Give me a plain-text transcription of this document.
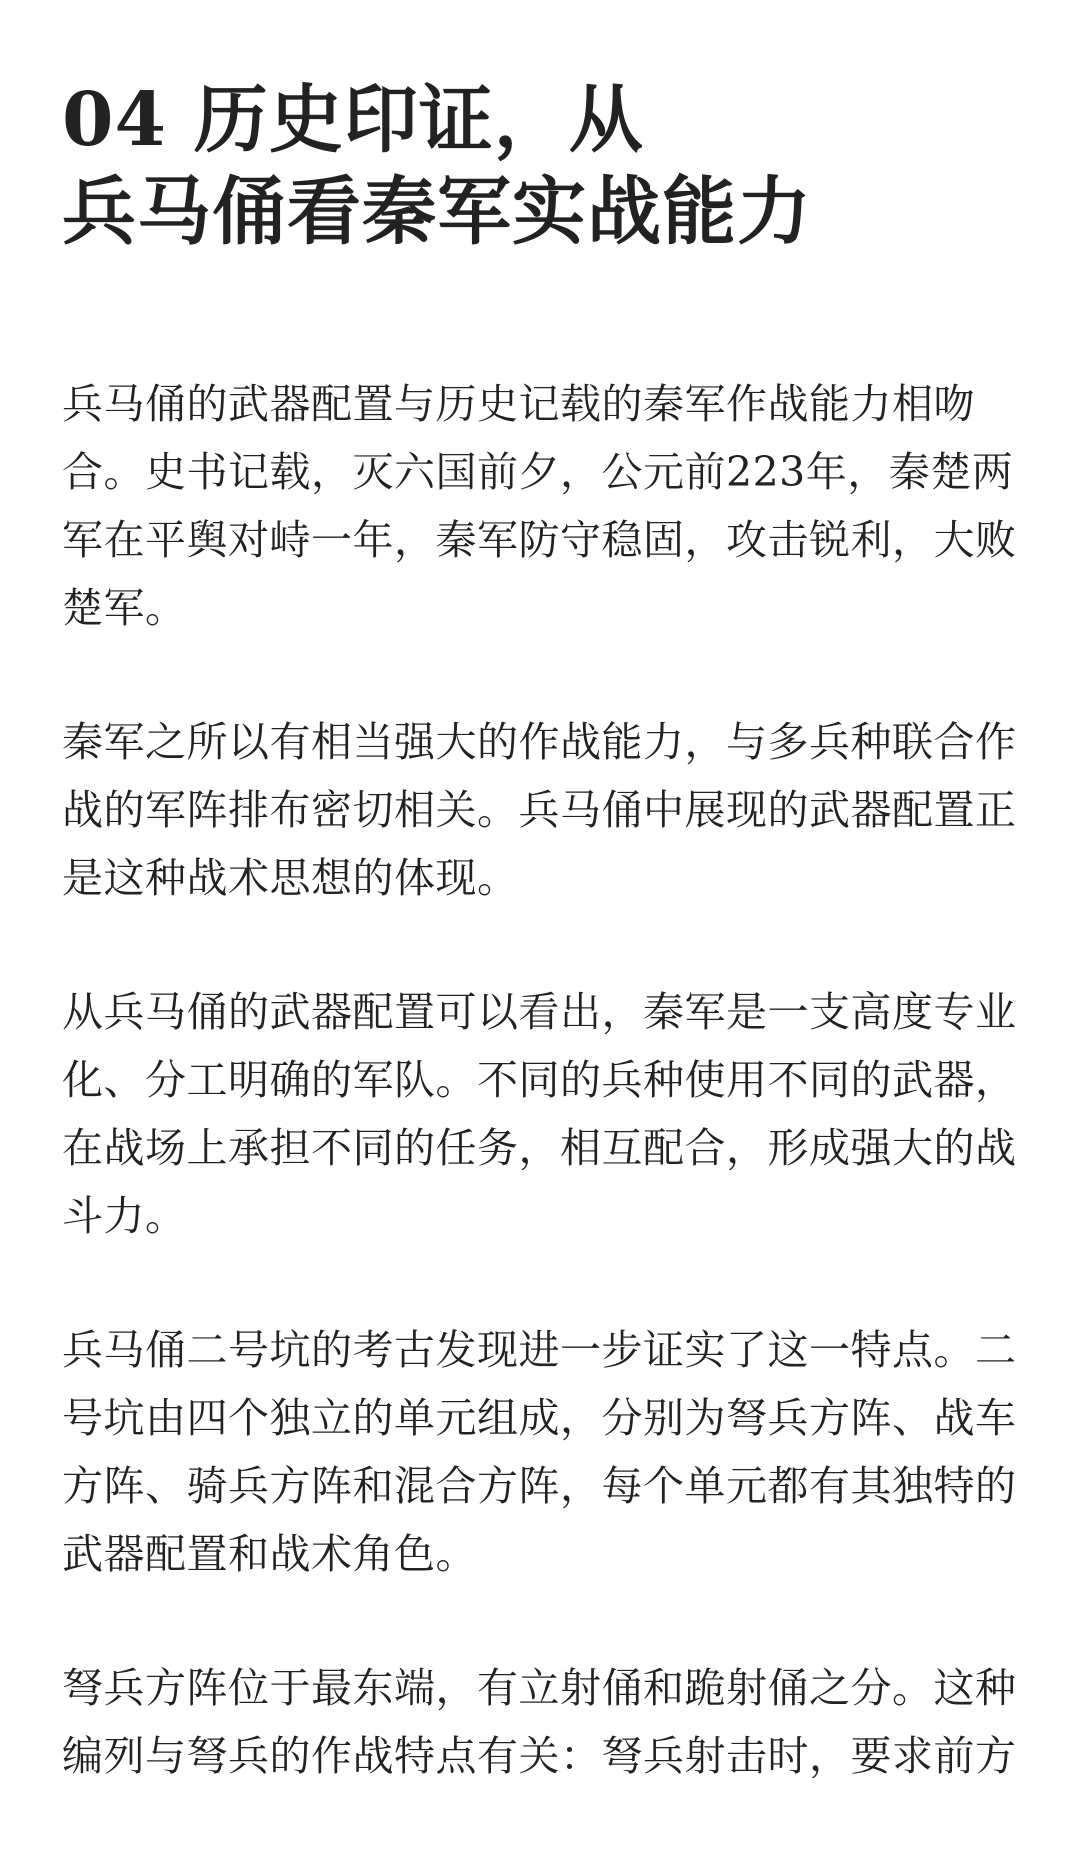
04 历史印证，从
兵马俑看秦军实战能力

兵马俑的武器配置与历史记载的秦军作战能力相吻
合。史书记载，灭六国前夕，公元前223年，秦楚两
军在平舆对峙一年，秦军防守稳固，攻击锐利，大败
楚军。

秦军之所以有相当强大的作战能力，与多兵种联合作
战的军阵排布密切相关。兵马俑中展现的武器配置正
是这种战术思想的体现。

从兵马俑的武器配置可以看出，秦军是一支高度专业
化、分工明确的军队。不同的兵种使用不同的武器，
在战场上承担不同的任务，相互配合，形成强大的战
斗力。

兵马俑二号坑的考古发现进一步证实了这一特点。二
号坑由四个独立的单元组成，分别为弩兵方阵、战车
方阵、骑兵方阵和混合方阵，每个单元都有其独特的
武器配置和战术角色。

弩兵方阵位于最东端，有立射俑和跪射俑之分。这种
编列与弩兵的作战特点有关：弩兵射击时，要求前方
